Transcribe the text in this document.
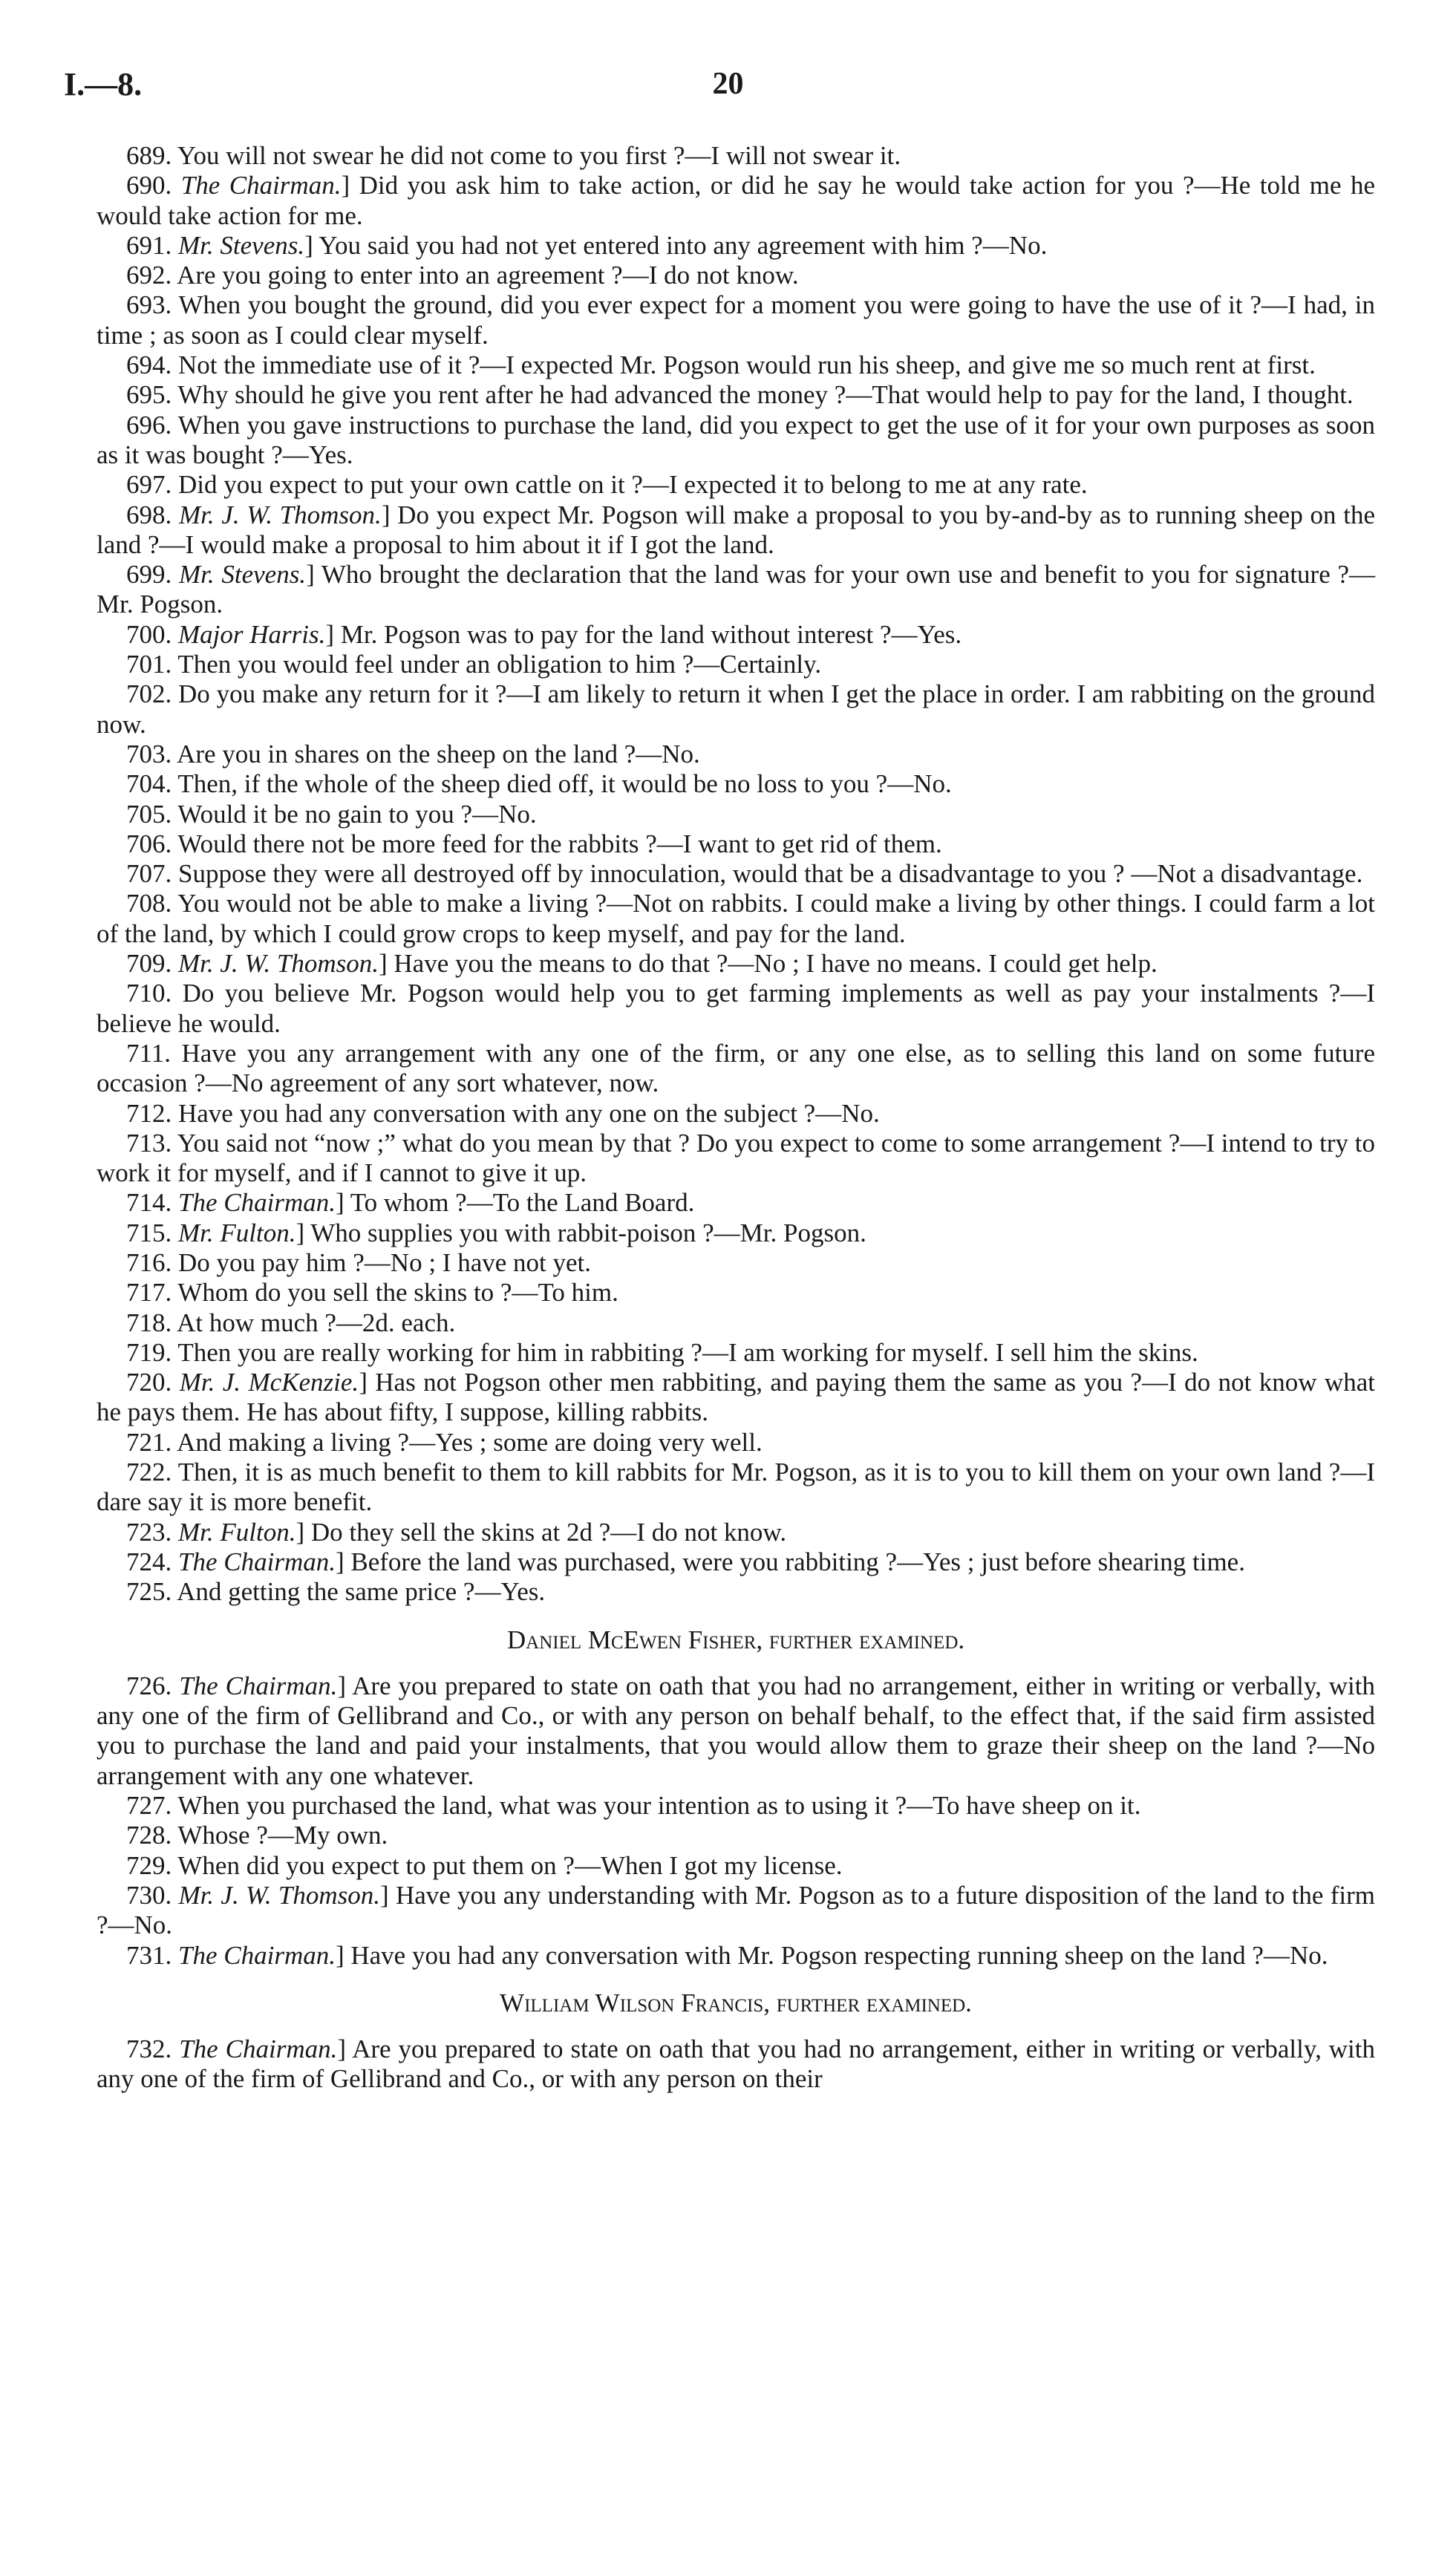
I.—8.	20

689. You will not swear he did not come to you first ?—I will not swear it.

690. The Chairman.] Did you ask him to take action, or did he say he would take action for you ?—He told me he would take action for me.

691. Mr. Stevens.] You said you had not yet entered into any agreement with him ?—No.

692. Are you going to enter into an agreement ?—I do not know.

693. When you bought the ground, did you ever expect for a moment you were going to have the use of it ?—I had, in time ; as soon as I could clear myself.

694. Not the immediate use of it ?—I expected Mr. Pogson would run his sheep, and give me so much rent at first.

695. Why should he give you rent after he had advanced the money ?—That would help to pay for the land, I thought.

696. When you gave instructions to purchase the land, did you expect to get the use of it for your own purposes as soon as it was bought ?—Yes.

697. Did you expect to put your own cattle on it ?—I expected it to belong to me at any rate.

698. Mr. J. W. Thomson.] Do you expect Mr. Pogson will make a proposal to you by-and-by as to running sheep on the land ?—I would make a proposal to him about it if I got the land.

699. Mr. Stevens.] Who brought the declaration that the land was for your own use and benefit to you for signature ?—Mr. Pogson.

700. Major Harris.] Mr. Pogson was to pay for the land without interest ?—Yes.

701. Then you would feel under an obligation to him ?—Certainly.

702. Do you make any return for it ?—I am likely to return it when I get the place in order. I am rabbiting on the ground now.

703. Are you in shares on the sheep on the land ?—No.

704. Then, if the whole of the sheep died off, it would be no loss to you ?—No.

705. Would it be no gain to you ?—No.

706. Would there not be more feed for the rabbits ?—I want to get rid of them.

707. Suppose they were all destroyed off by innoculation, would that be a disadvantage to you ? —Not a disadvantage.

708. You would not be able to make a living ?—Not on rabbits. I could make a living by other things. I could farm a lot of the land, by which I could grow crops to keep myself, and pay for the land.

709. Mr. J. W. Thomson.] Have you the means to do that ?—No ; I have no means. I could get help.

710. Do you believe Mr. Pogson would help you to get farming implements as well as pay your instalments ?—I believe he would.

711. Have you any arrangement with any one of the firm, or any one else, as to selling this land on some future occasion ?—No agreement of any sort whatever, now.

712. Have you had any conversation with any one on the subject ?—No.

713. You said not “now ;” what do you mean by that ? Do you expect to come to some arrangement ?—I intend to try to work it for myself, and if I cannot to give it up.

714. The Chairman.] To whom ?—To the Land Board.

715. Mr. Fulton.] Who supplies you with rabbit-poison ?—Mr. Pogson.

716. Do you pay him ?—No ; I have not yet.

717. Whom do you sell the skins to ?—To him.

718. At how much ?—2d. each.

719. Then you are really working for him in rabbiting ?—I am working for myself. I sell him the skins.

720. Mr. J. McKenzie.] Has not Pogson other men rabbiting, and paying them the same as you ?—I do not know what he pays them. He has about fifty, I suppose, killing rabbits.

721. And making a living ?—Yes ; some are doing very well.

722. Then, it is as much benefit to them to kill rabbits for Mr. Pogson, as it is to you to kill them on your own land ?—I dare say it is more benefit.

723. Mr. Fulton.] Do they sell the skins at 2d ?—I do not know.

724. The Chairman.] Before the land was purchased, were you rabbiting ?—Yes ; just before shearing time.

725. And getting the same price ?—Yes.

Daniel McEwen Fisher, further examined.

726. The Chairman.] Are you prepared to state on oath that you had no arrangement, either in writing or verbally, with any one of the firm of Gellibrand and Co., or with any person on behalf behalf, to the effect that, if the said firm assisted you to purchase the land and paid your instalments, that you would allow them to graze their sheep on the land ?—No arrangement with any one whatever.

727. When you purchased the land, what was your intention as to using it ?—To have sheep on it.

728. Whose ?—My own.

729. When did you expect to put them on ?—When I got my license.

730. Mr. J. W. Thomson.] Have you any understanding with Mr. Pogson as to a future disposition of the land to the firm ?—No.

731. The Chairman.] Have you had any conversation with Mr. Pogson respecting running sheep on the land ?—No.

William Wilson Francis, further examined.

732. The Chairman.] Are you prepared to state on oath that you had no arrangement, either in writing or verbally, with any one of the firm of Gellibrand and Co., or with any person on their
